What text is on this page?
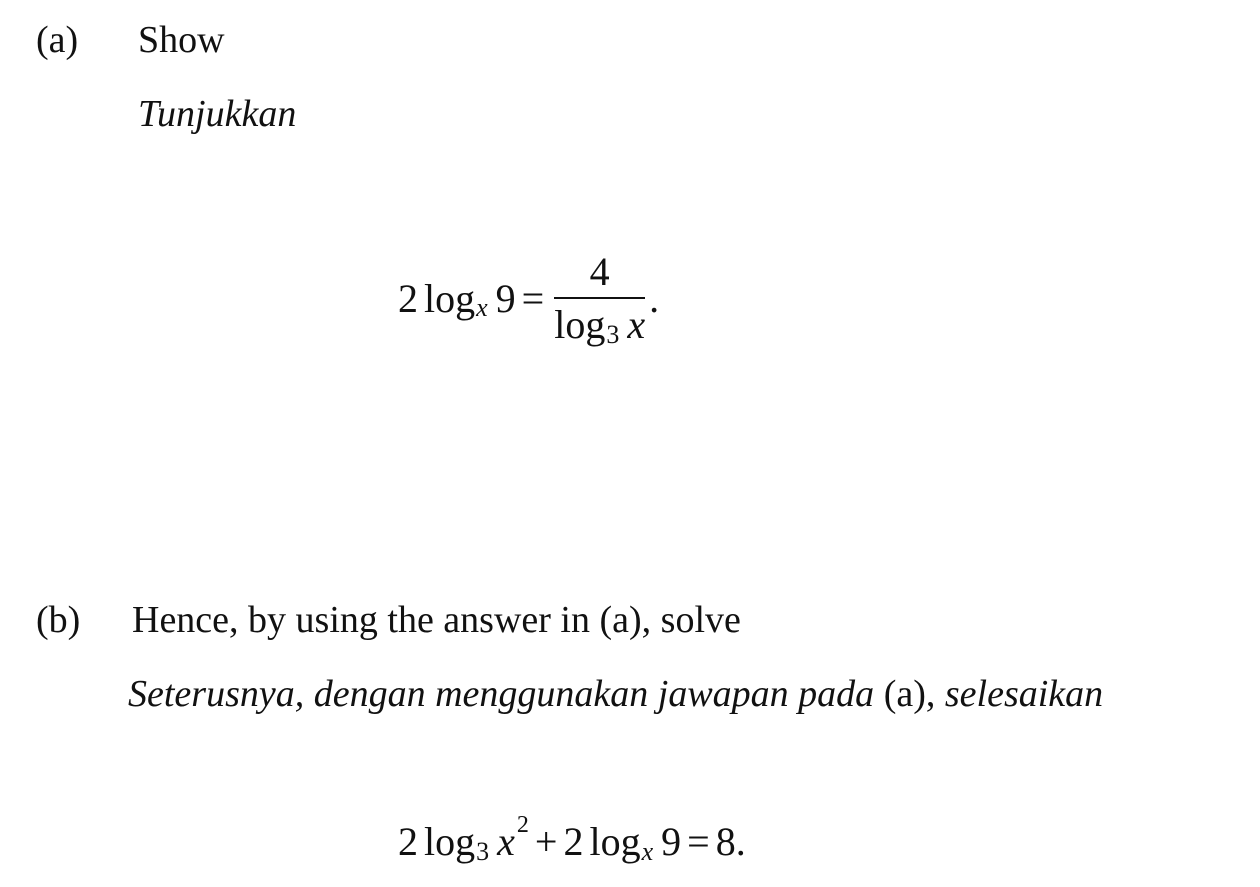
(a) Show
Tunjukkan
2 log x $9 = \frac{4}{\log 3 x}$ .
(b) Hence, by using the answer in (a), solve
Seterusnya, dengan menggunakan jawapan pada (a), selesaikan
2 log 3 x 2 + 2 log x 9 = 8.
